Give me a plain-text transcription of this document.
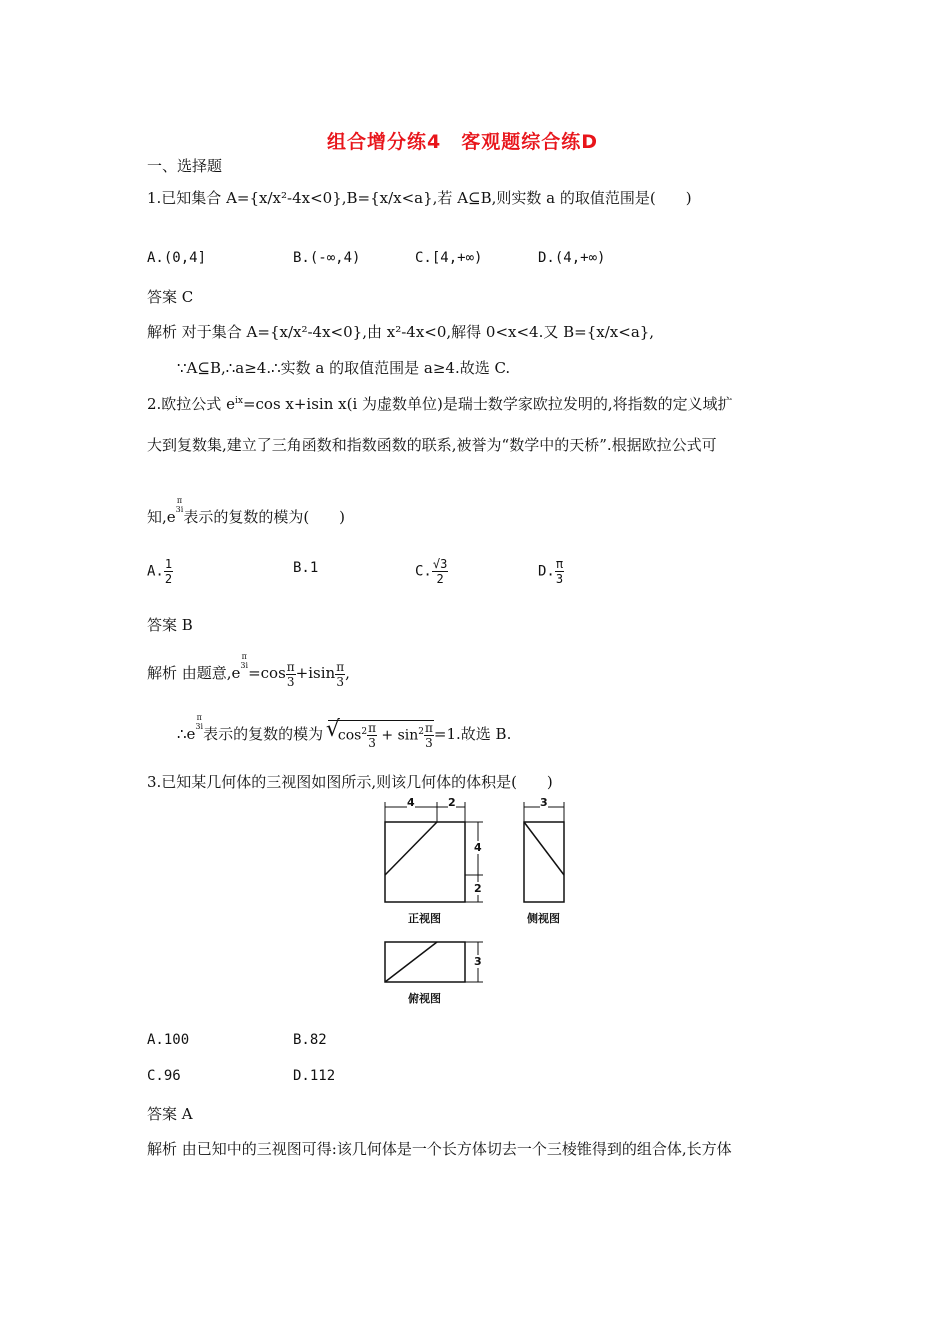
组合增分练4　客观题综合练D
一、选择题
1.已知集合 A={x/x²-4x<0},B={x/x<a},若 A⊆B,则实数 a 的取值范围是(　　)
A.(0,4]	B.(-∞,4)	C.[4,+∞)	D.(4,+∞)
答案 C
解析 对于集合 A={x/x²-4x<0},由 x²-4x<0,解得 0<x<4.又 B={x/x<a},
∵A⊆B,∴a≥4.∴实数 a 的取值范围是 a≥4.故选 C.
2.欧拉公式 $e^{ix}=\cos$ x+isin x(i 为虚数单位)是瑞士数学家欧拉发明的,将指数的定义域扩
大到复数集,建立了三角函数和指数函数的联系,被誉为“数学中的天桥”.根据欧拉公式可
知,eπ
3i表示的复数的模为(　　)
A. $\frac{1}{2}$	B.1	C. $\frac{√3}{2}$	D. $\frac{\pi}{3}$
答案 B
解析 由题意,eπ
$3i=\cos \frac{\pi}{3} +isin \frac{\pi}{3}$ ,
∴eπ
3i表示的复数的模为 √
$\cos^2 \frac{\pi}{3} + \sin^2 \frac{\pi}{3} =1$.故选 B.
3.已知某几何体的三视图如图所示,则该几何体的体积是(　　)
4	2
4
2
3
3
正视图	侧视图
俯视图
A.100	B.82
C.96	D.112
答案 A
解析 由已知中的三视图可得:该几何体是一个长方体切去一个三棱锥得到的组合体,长方体
